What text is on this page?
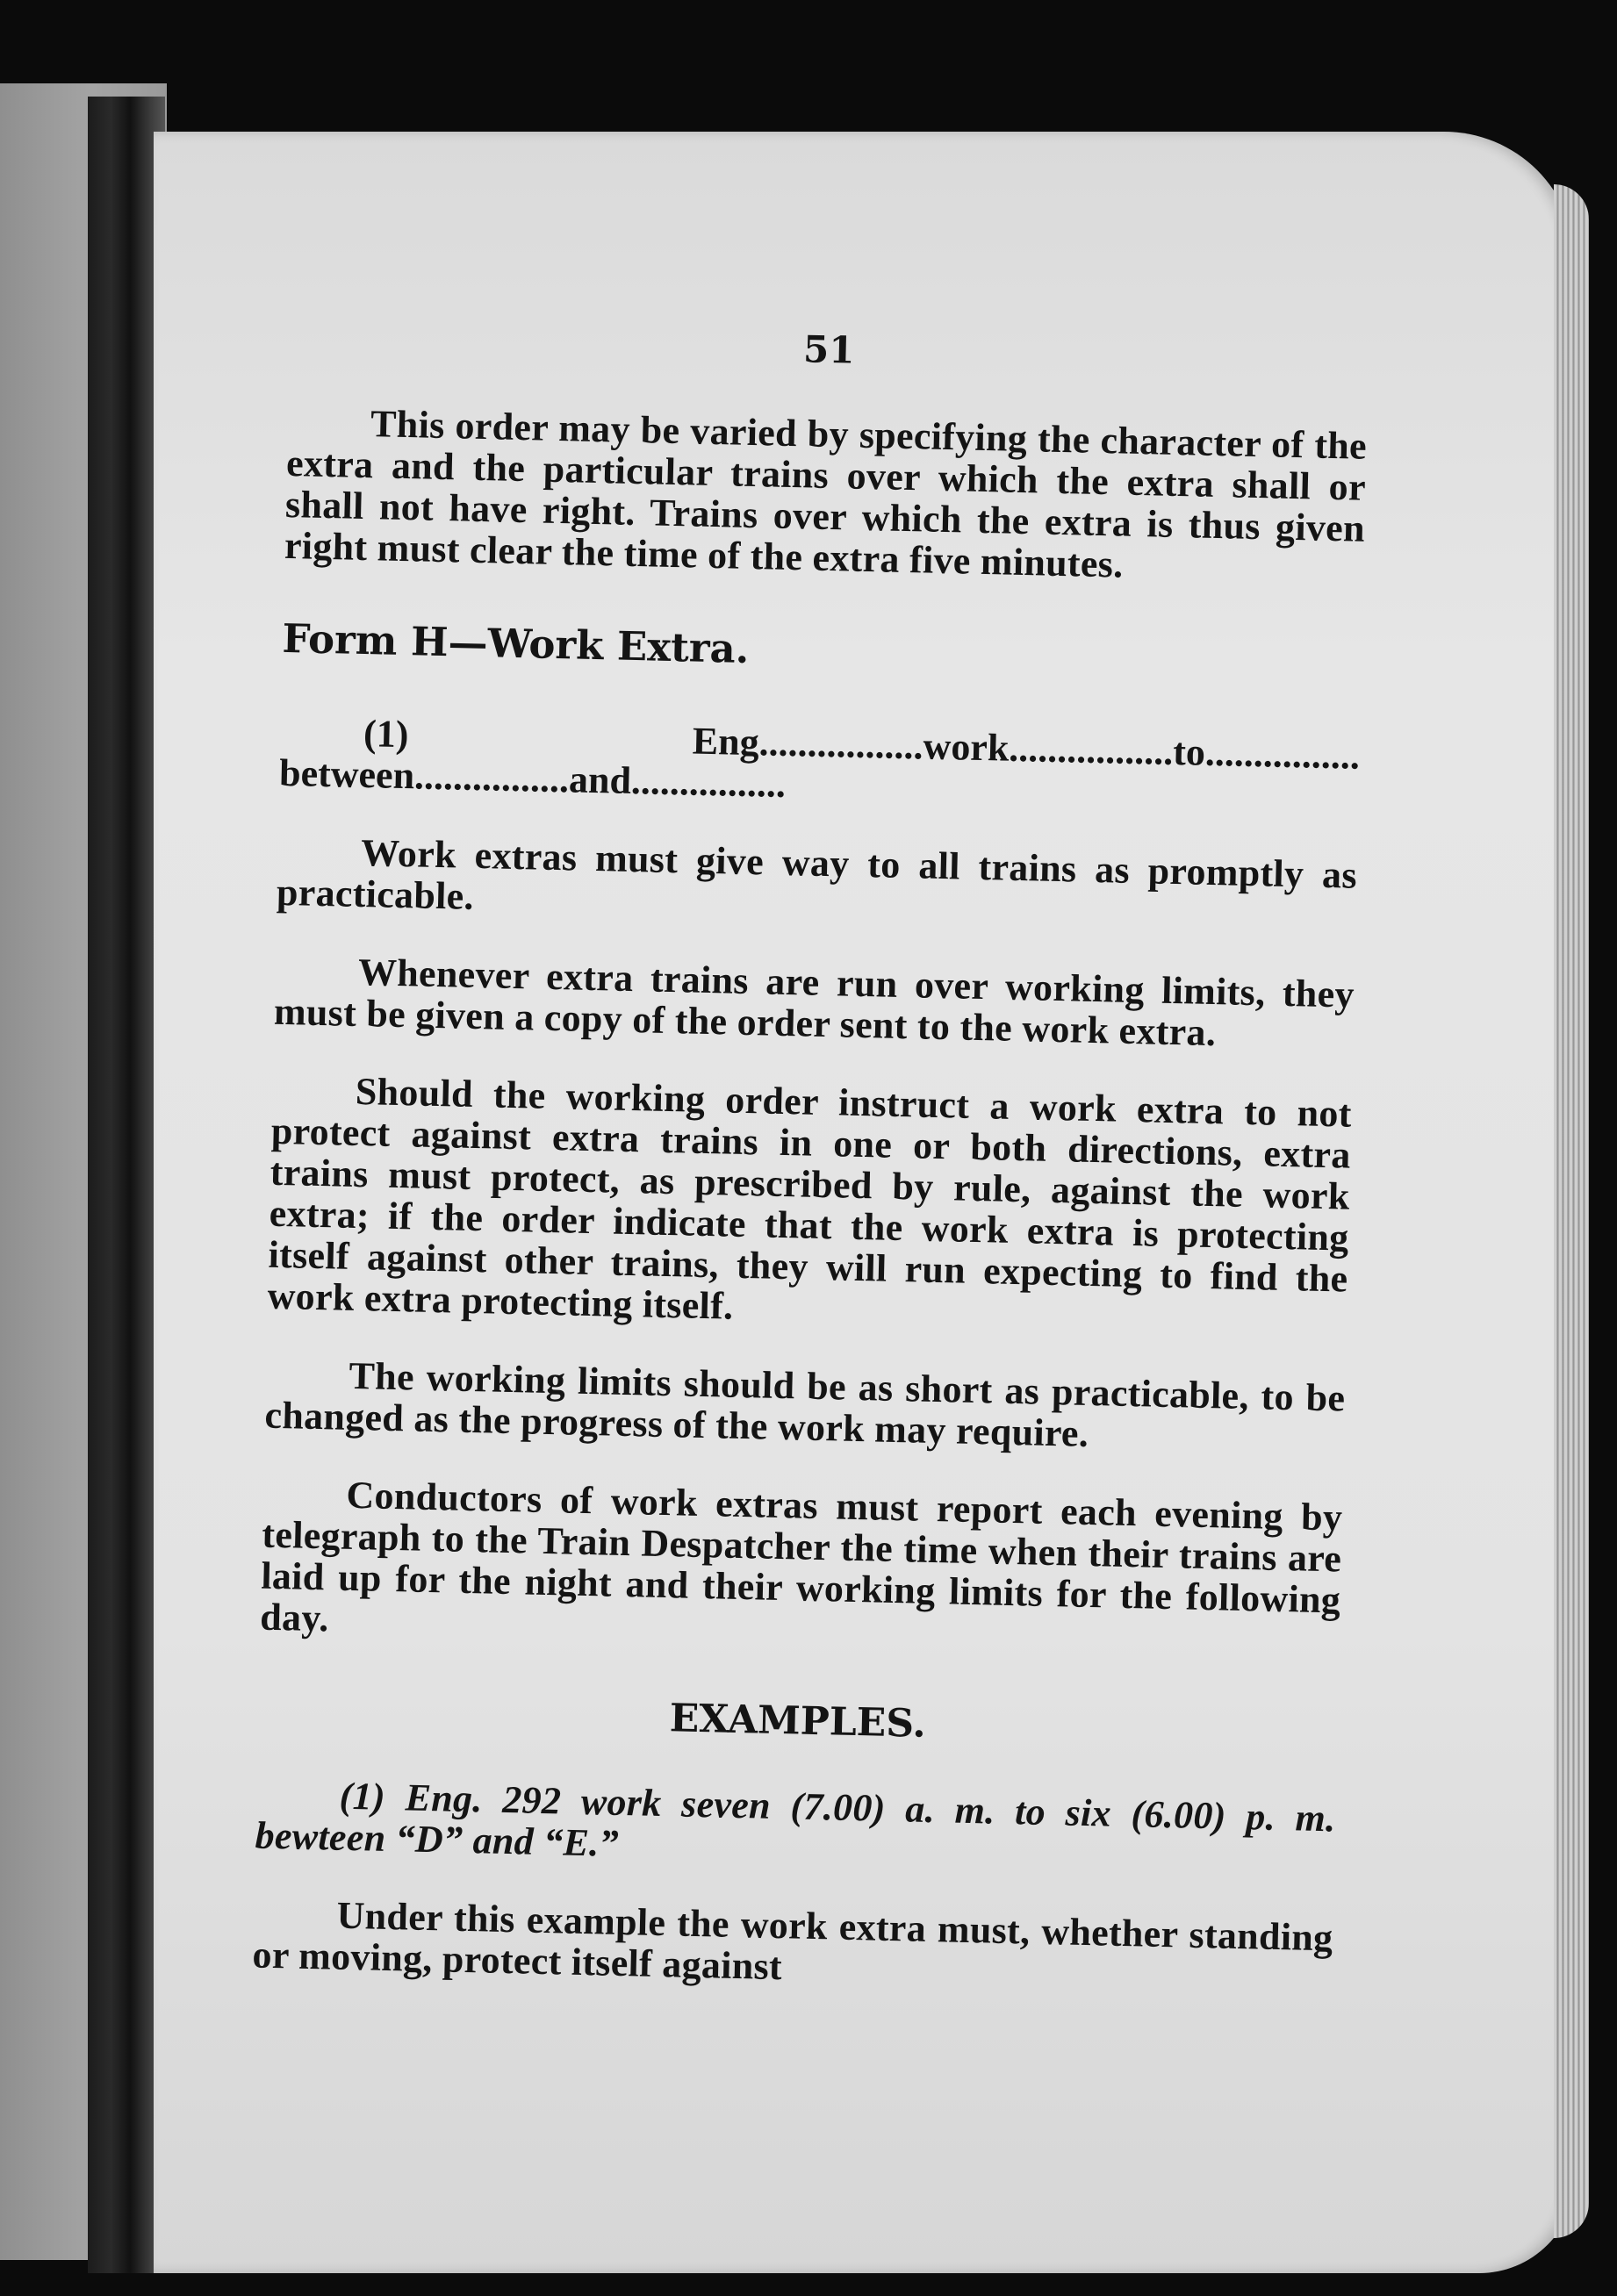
51

This order may be varied by specifying the character of the extra and the particular trains over which the extra shall or shall not have right. Trains over which the extra is thus given right must clear the time of the extra five minutes.

Form H—Work Extra.

(1) Eng.................work.................to................ between................and................

Work extras must give way to all trains as promptly as practicable.

Whenever extra trains are run over working limits, they must be given a copy of the order sent to the work extra.

Should the working order instruct a work extra to not protect against extra trains in one or both directions, extra trains must protect, as prescribed by rule, against the work extra; if the order indicate that the work extra is protecting itself against other trains, they will run expecting to find the work extra protecting itself.

The working limits should be as short as practicable, to be changed as the progress of the work may require.

Conductors of work extras must report each evening by telegraph to the Train Despatcher the time when their trains are laid up for the night and their working limits for the following day.

EXAMPLES.

(1) Eng. 292 work seven (7.00) a. m. to six (6.00) p. m. bewteen “D” and “E.”

Under this example the work extra must, whether standing or moving, protect itself against
